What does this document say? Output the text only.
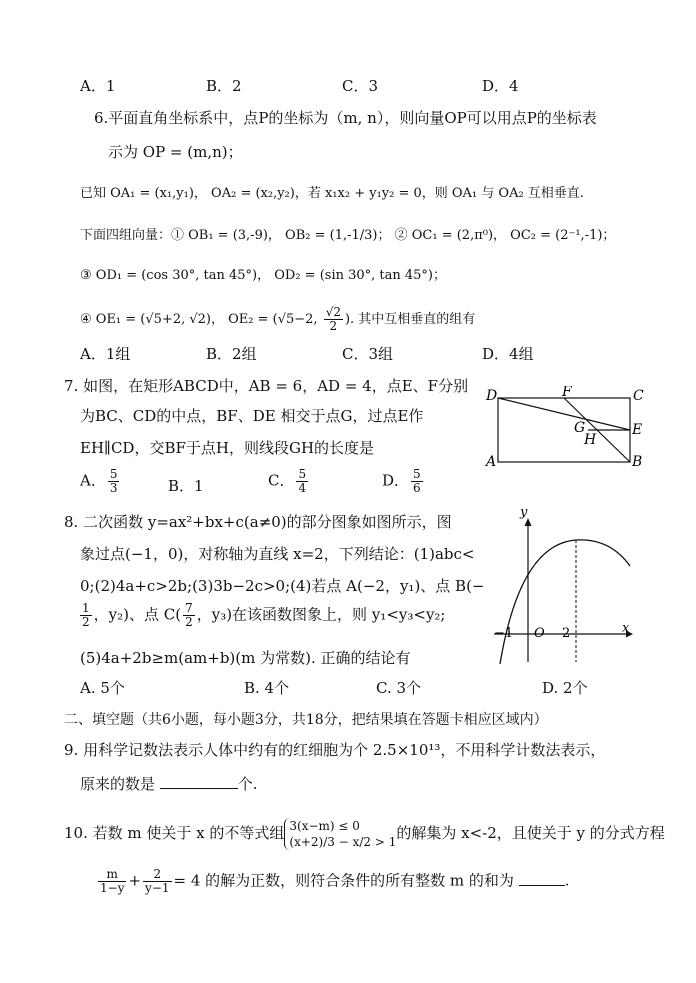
A．1	B．2	C．3	D．4
6.平面直角坐标系中，点P的坐标为（m, n），则向量OP可以用点P的坐标表
示为 OP = (m,n)；
已知 OA₁ = (x₁,y₁)， OA₂ = (x₂,y₂)，若 x₁x₂ + y₁y₂ = 0，则 OA₁ 与 OA₂ 互相垂直.
下面四组向量：① OB₁ = (3,-9)， OB₂ = (1,-1/3)； ② OC₁ = (2,π⁰)， OC₂ = (2⁻¹,-1)；
③ OD₁ = (cos 30°, tan 45°)， OD₂ = (sin 30°, tan 45°)；
④ OE₁ = (√5+2, √2)， OE₂ = (√5−2, $\frac{√2}{2}$ ). 其中互相垂直的组有
A．1组	B．2组	C．3组	D．4组
7. 如图，在矩形ABCD中，AB = 6，AD = 4，点E、F分别
为BC、CD的中点，BF、DE 相交于点G，过点E作
EH∥CD，交BF于点H，则线段GH的长度是
A． $\frac{5}{3}$	B．1	C． $\frac{5}{4}$	D． $\frac{5}{6}$
D	F	C
G
H
E
A	B
8. 二次函数 y=ax²+bx+c(a≠0)的部分图象如图所示，图
象过点(−1，0)，对称轴为直线 x=2，下列结论：(1)abc<
0;(2)4a+c>2b;(3)3b−2c>0;(4)若点 A(−2，y₁)、点 B(−
$\frac{1}{2}$ ，y₂)、点 $C( \frac{7}{2}$ ，y₃)在该函数图象上，则 y₁<y₃<y₂;
(5)4a+2b≥m(am+b)(m 为常数). 正确的结论有
A. 5个	B. 4个	C. 3个	D. 2个
y
x
−1 O 2
二、填空题（共6小题，每小题3分，共18分，把结果填在答题卡相应区域内）
9. 用科学记数法表示人体中约有的红细胞为个 2.5×10¹³，不用科学计数法表示，
原来的数是	个.
10. 若数 m 使关于 x 的不等式组 3(x−m) ≤ 0
(x+2)/3 − x/2 > 1 的解集为 x<-2，且使关于 y 的分式方程
$\frac{m}{1-y} + \frac{2}{y-1} = 4$ 的解为正数，则符合条件的所有整数 m 的和为	.
